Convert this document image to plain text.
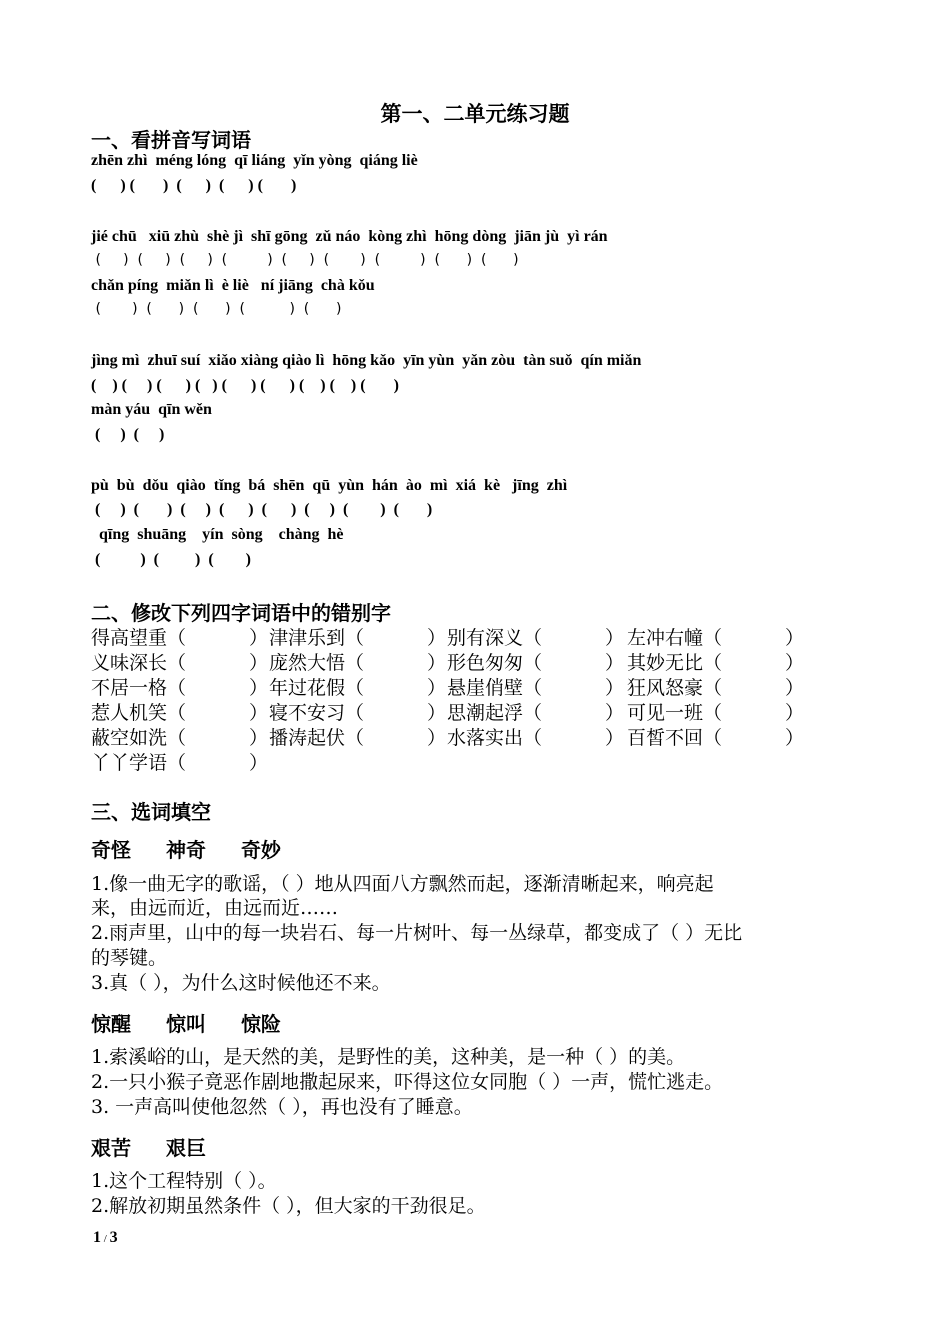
第一、二单元练习题
一、看拼音写词语
zhēn zhì  méng lóng  qī liáng  yǐn yòng  qiáng liè
(      ) (       )  (      )  (      ) (       )
jié chū   xiū zhù  shè jì  shī gōng  zǔ náo  kòng zhì  hōng dòng  jiān jù  yì rán
(     )  (     )  (     )  (         )  (     )  (       )  (         )  (      )  (      )
chǎn píng  miǎn lì  è liè   ní jiāng  chà kǒu
(       )  (      )  (      )  (          )  (      )
jìng mì  zhuī suí  xiǎo xiàng qiào lì  hōng kǎo  yīn yùn  yǎn zòu  tàn suǒ  qín miǎn
(    ) (     ) (      ) (   ) (      ) (      ) (    ) (    ) (       )
màn yáu  qīn wěn
(     )  (     )
pù  bù  dǒu  qiào  tǐng  bá  shēn  qū  yùn  hán  ào  mì  xiá  kè   jīng  zhì
(     )  (       )  (     )  (      )  (      )  (     )  (        )  (       )
qīng  shuāng    yín  sòng    chàng  hè
(          )  (         )  (        )
二、修改下列四字词语中的错别字
得高望重（	） 津津乐到（	） 别有深义（	） 左冲右幢（	）
义味深长（	） 庞然大悟（	） 形色匆匆（	） 其妙无比（	）
不居一格（	） 年过花假（	） 悬崖俏壁（	） 狂风怒豪（	）
惹人机笑（	） 寝不安习（	） 思潮起浮（	） 可见一班（	）
蔽空如洗（	） 播涛起伏（	） 水落实出（	） 百皙不回（	）
丫丫学语（	）
三、选词填空
奇怪 神奇 奇妙
1.像一曲无字的歌谣，（ ）地从四面八方飘然而起，逐渐清晰起来，响亮起
来，由远而近，由远而近……
2.雨声里，山中的每一块岩石、每一片树叶、每一丛绿草，都变成了（ ）无比
的琴键。
3.真（ ），为什么这时候他还不来。
惊醒 惊叫 惊险
1.索溪峪的山，是天然的美，是野性的美，这种美，是一种（ ）的美。
2.一只小猴子竟恶作剧地撒起尿来，吓得这位女同胞（ ）一声，慌忙逃走。
3. 一声高叫使他忽然（ ），再也没有了睡意。
艰苦 艰巨
1.这个工程特别（ ）。
2.解放初期虽然条件（ ），但大家的干劲很足。
1 / 3
